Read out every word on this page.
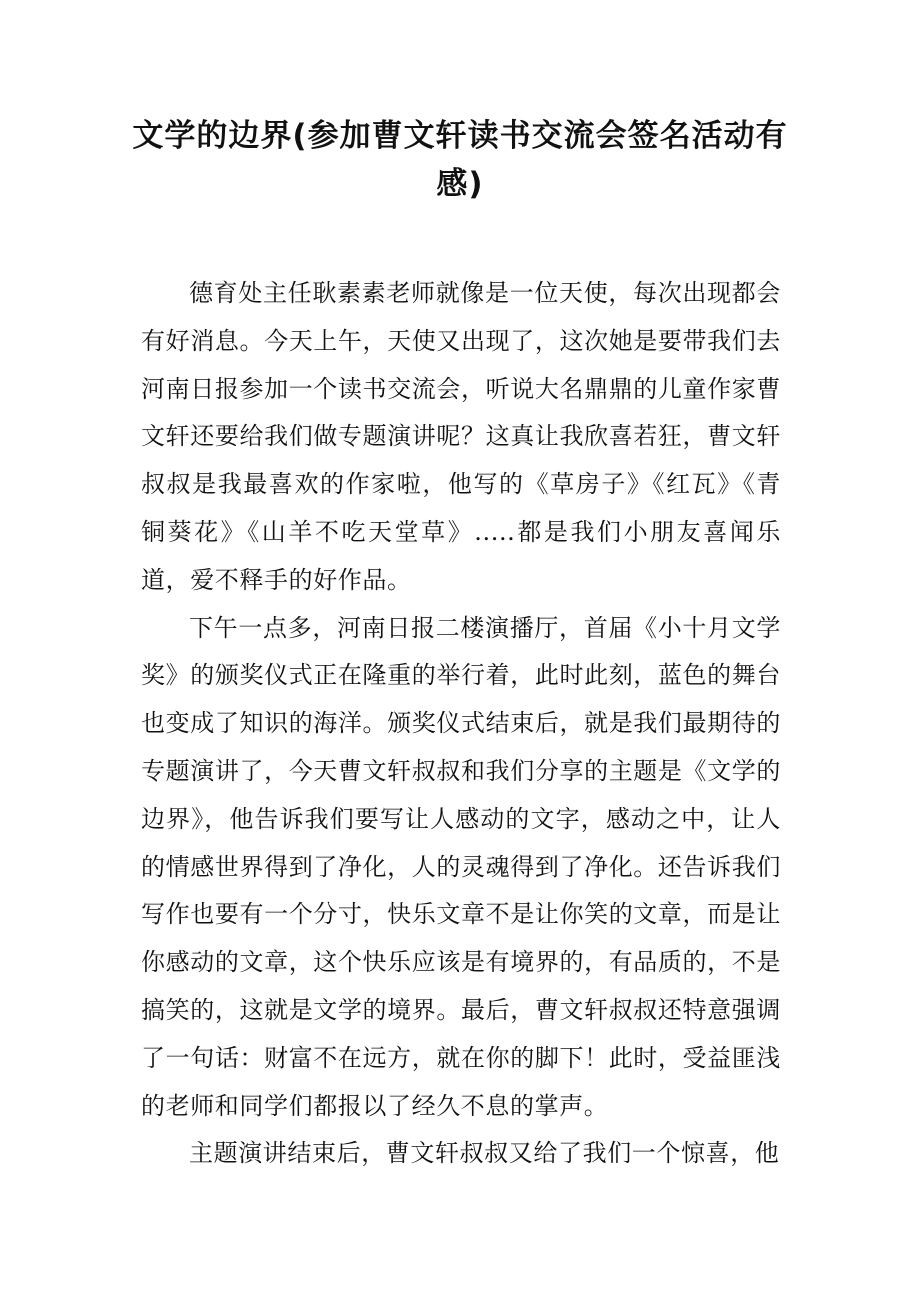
文学的边界(参加曹文轩读书交流会签名活动有感)

德育处主任耿素素老师就像是一位天使，每次出现都会有好消息。今天上午，天使又出现了，这次她是要带我们去河南日报参加一个读书交流会，听说大名鼎鼎的儿童作家曹文轩还要给我们做专题演讲呢？这真让我欣喜若狂，曹文轩叔叔是我最喜欢的作家啦，他写的《草房子》《红瓦》《青铜葵花》《山羊不吃天堂草》.....都是我们小朋友喜闻乐道，爱不释手的好作品。

下午一点多，河南日报二楼演播厅，首届《小十月文学奖》的颁奖仪式正在隆重的举行着，此时此刻，蓝色的舞台也变成了知识的海洋。颁奖仪式结束后，就是我们最期待的专题演讲了，今天曹文轩叔叔和我们分享的主题是《文学的边界》，他告诉我们要写让人感动的文字，感动之中，让人的情感世界得到了净化，人的灵魂得到了净化。还告诉我们写作也要有一个分寸，快乐文章不是让你笑的文章，而是让你感动的文章，这个快乐应该是有境界的，有品质的，不是搞笑的，这就是文学的境界。最后，曹文轩叔叔还特意强调了一句话：财富不在远方，就在你的脚下！此时，受益匪浅的老师和同学们都报以了经久不息的掌声。

主题演讲结束后，曹文轩叔叔又给了我们一个惊喜，他
